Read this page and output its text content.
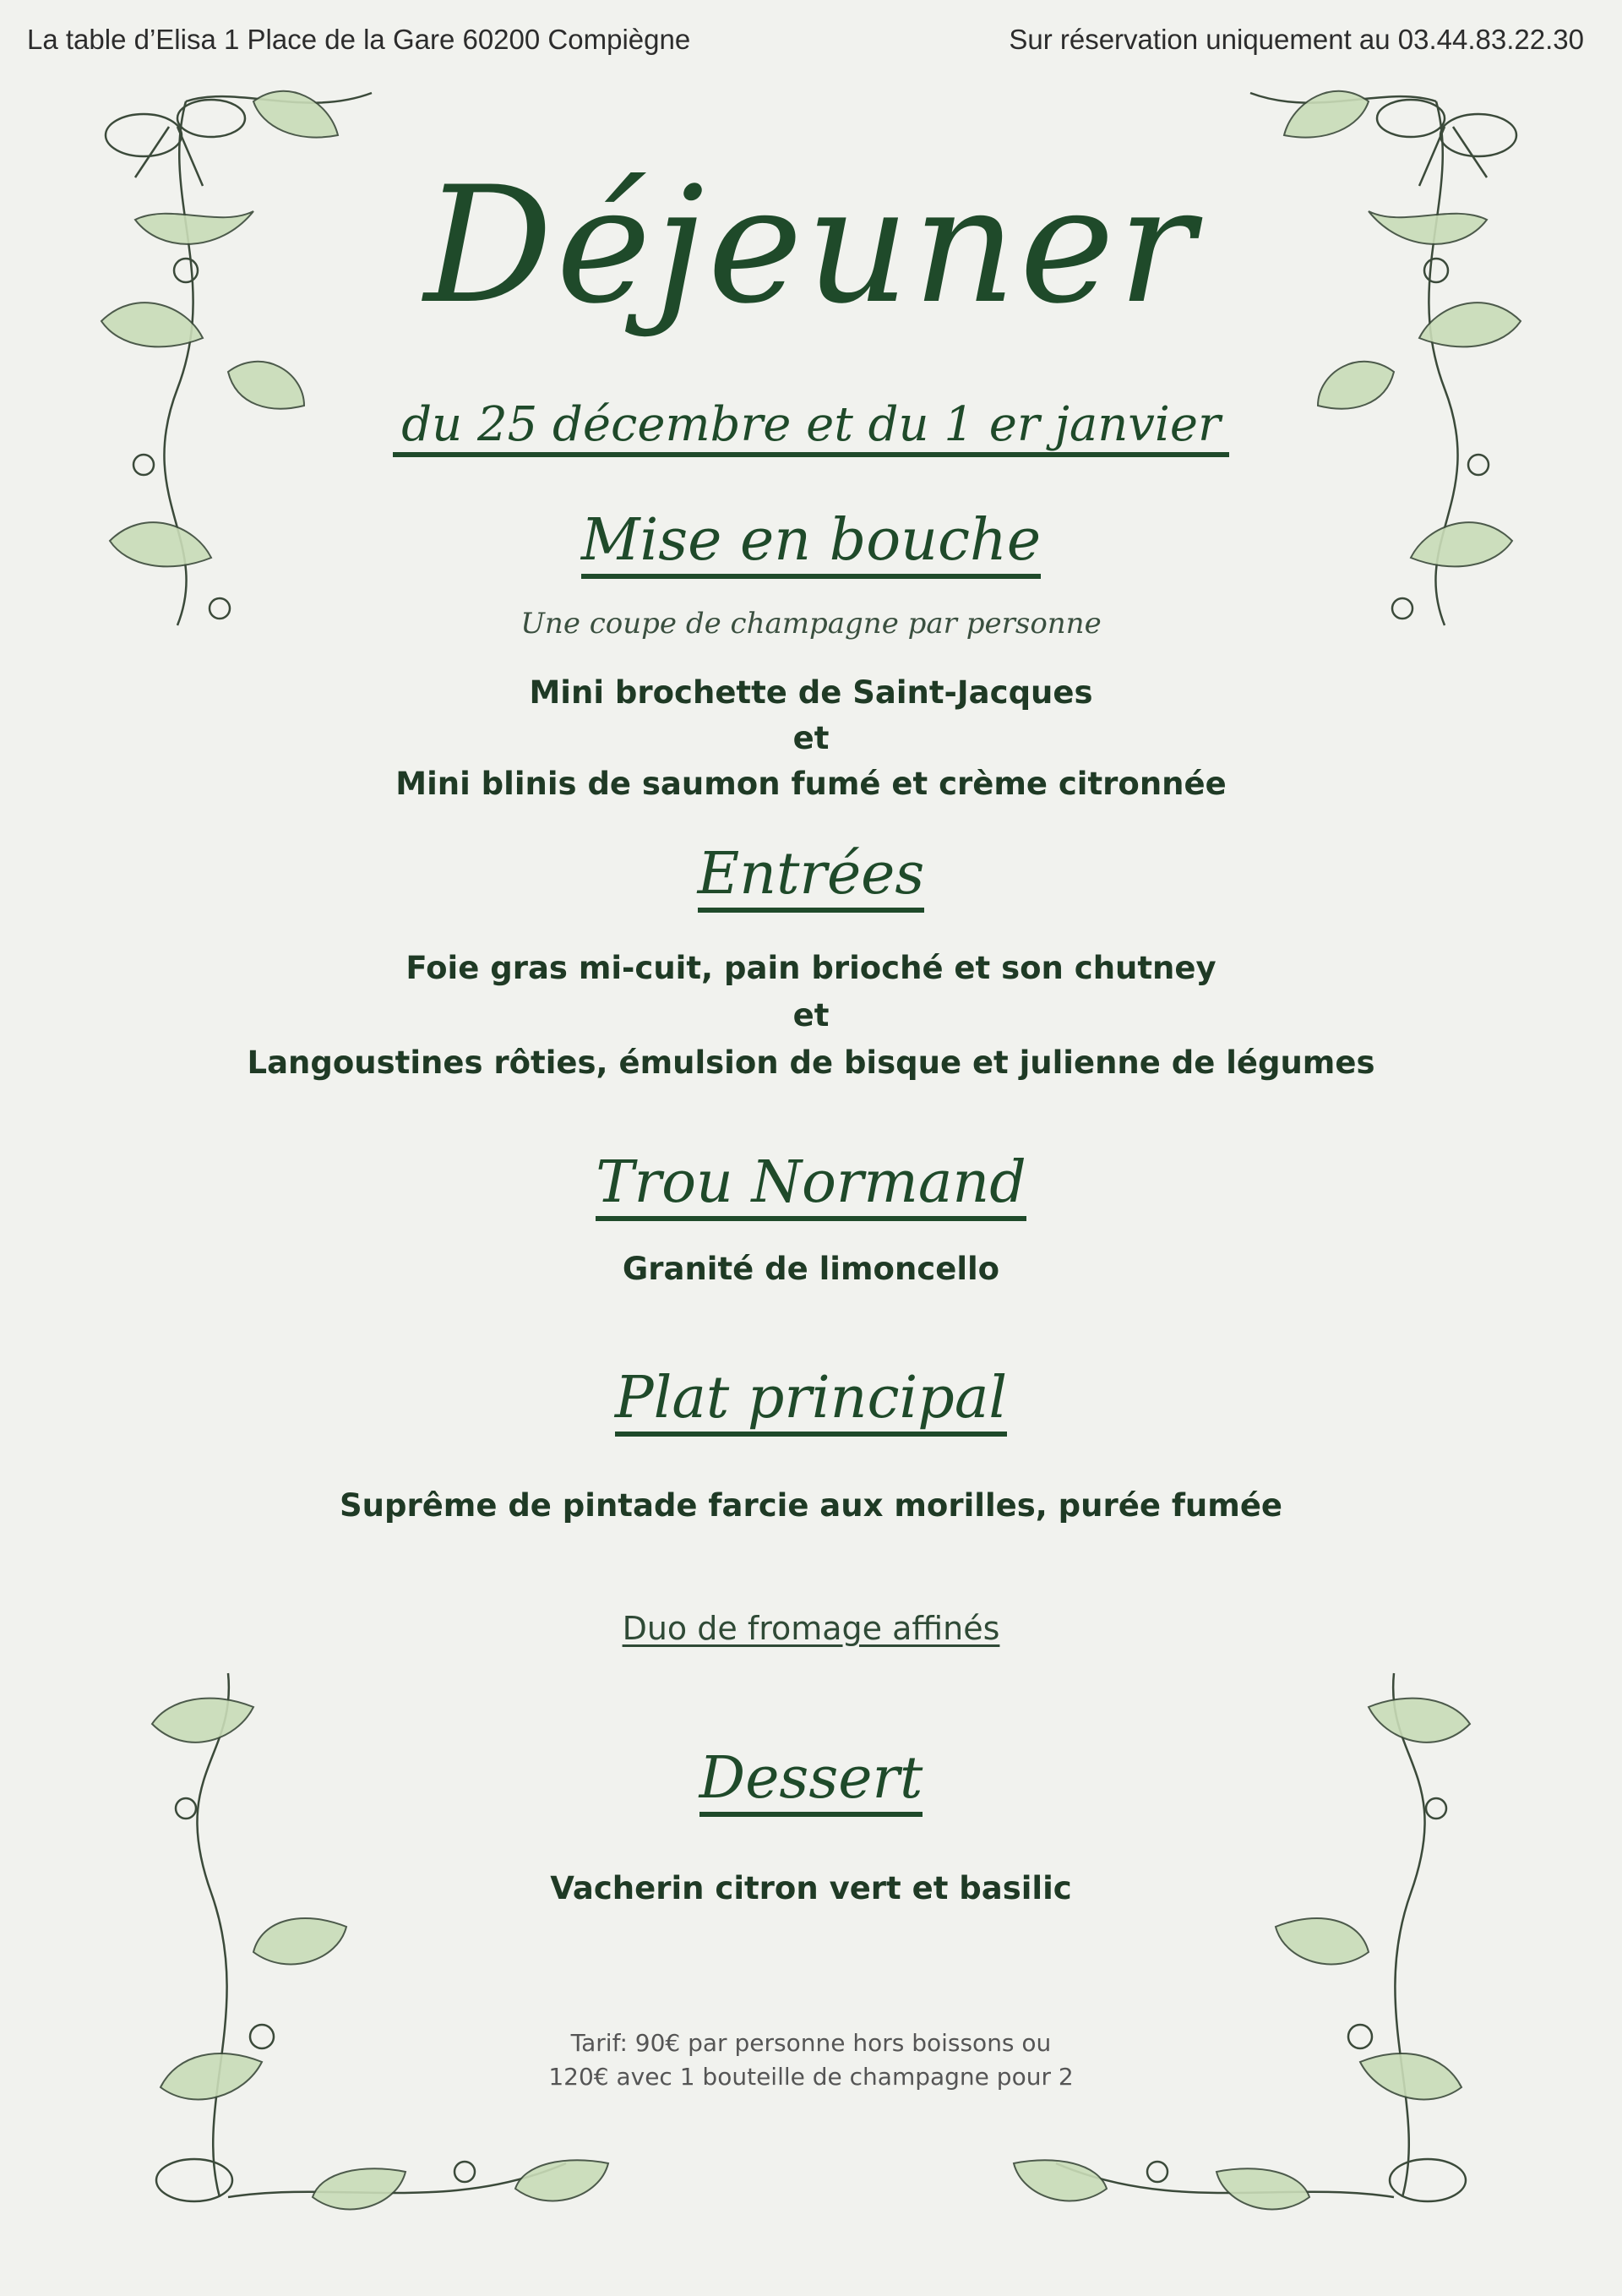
La table d’Elisa 1 Place de la Gare 60200 Compiègne	Sur réservation uniquement au 03.44.83.22.30
Déjeuner
du 25 décembre et du 1 er janvier
Mise en bouche
Une coupe de champagne par personne
Mini brochette de Saint-Jacques
et
Mini blinis de saumon fumé et crème citronnée
Entrées
Foie gras mi-cuit, pain brioché et son chutney
et
Langoustines rôties, émulsion de bisque et julienne de légumes
Trou Normand
Granité de limoncello
Plat principal
Suprême de pintade farcie aux morilles, purée fumée
Duo de fromage affinés
Dessert
Vacherin citron vert et basilic
Tarif: 90€ par personne hors boissons ou
120€ avec 1 bouteille de champagne pour 2
